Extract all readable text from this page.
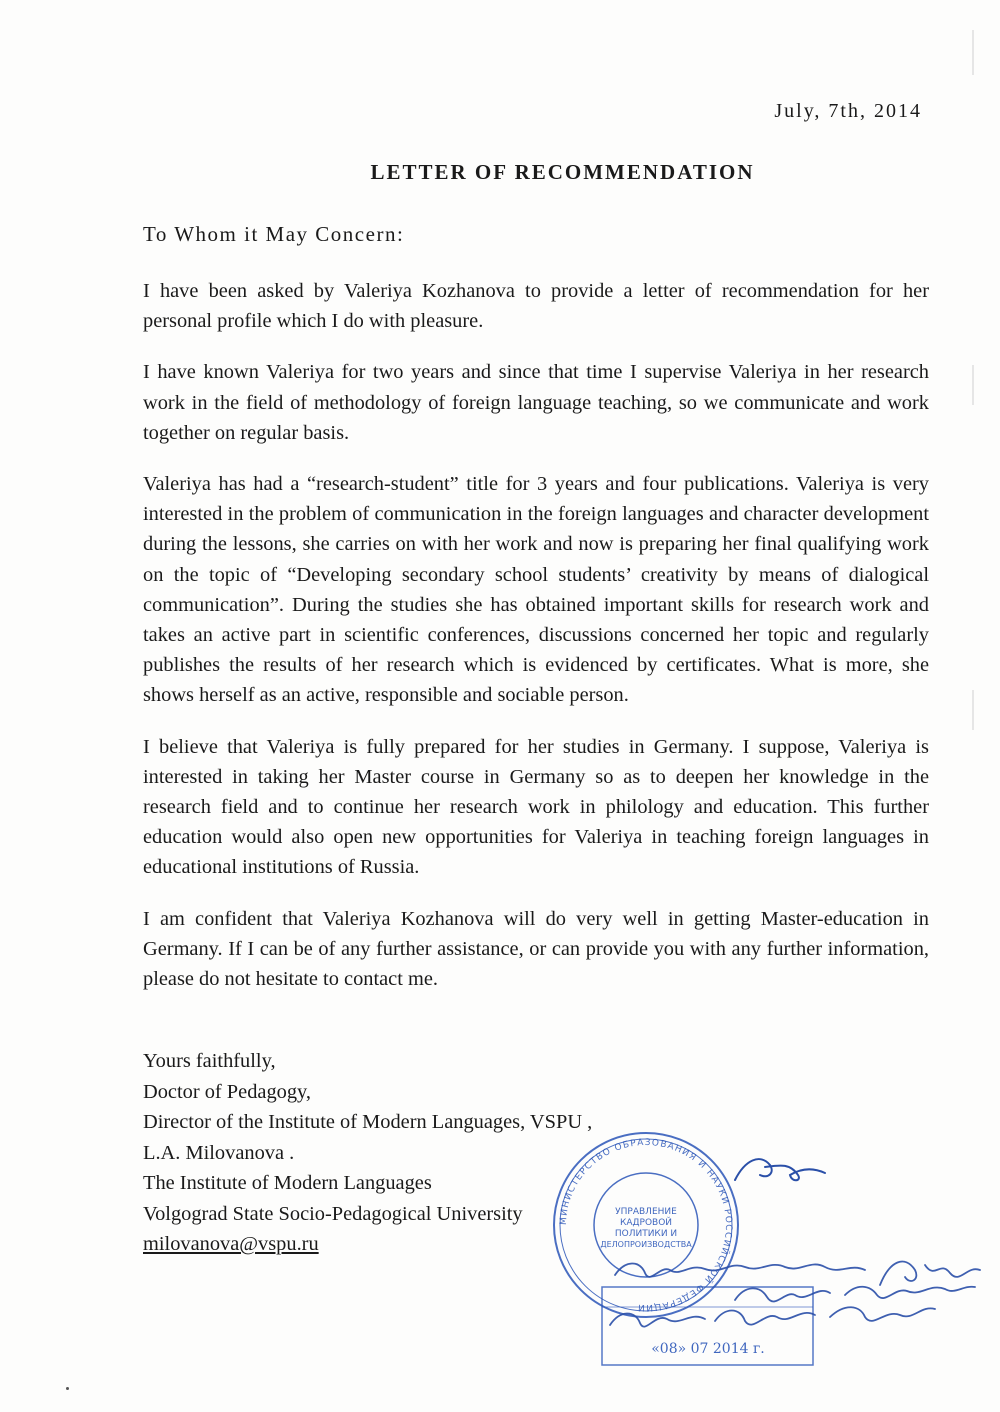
July, 7th, 2014
LETTER OF RECOMMENDATION
To Whom it May Concern:

I have been asked by Valeriya Kozhanova to provide a letter of recommendation for her personal profile which I do with pleasure.

I have known Valeriya for two years and since that time I supervise Valeriya in her research work in the field of methodology of foreign language teaching, so we communicate and work together on regular basis.

Valeriya has had a “research-student” title for 3 years and four publications. Valeriya is very interested in the problem of communication in the foreign languages and character development during the lessons, she carries on with her work and now is preparing her final qualifying work on the topic of “Developing secondary school students’ creativity by means of dialogical communication”. During the studies she has obtained important skills for research work and takes an active part in scientific conferences, discussions concerned her topic and regularly publishes the results of her research which is evidenced by certificates. What is more, she shows herself as an active, responsible and sociable person.

I believe that Valeriya is fully prepared for her studies in Germany. I suppose, Valeriya is interested in taking her Master course in Germany so as to deepen her knowledge in the research field and to continue her research work in philology and education. This further education would also open new opportunities for Valeriya in teaching foreign languages in educational institutions of Russia.

I am confident that Valeriya Kozhanova will do very well in getting Master-education in Germany. If I can be of any further assistance, or can provide you with any further information, please do not hesitate to contact me.

Yours faithfully,
Doctor of Pedagogy,
Director of the Institute of Modern Languages, VSPU ,
L.A. Milovanova .
The Institute of Modern Languages
Volgograd State Socio-Pedagogical University
milovanova@vspu.ru
МИНИСТЕРСТВО ОБРАЗОВАНИЯ И НАУКИ РОССИЙСКОЙ ФЕДЕРАЦИИ
УПРАВЛЕНИЕ
КАДРОВОЙ
ПОЛИТИКИ И
ДЕЛОПРОИЗВОДСТВА
«08» 07 2014 г.
